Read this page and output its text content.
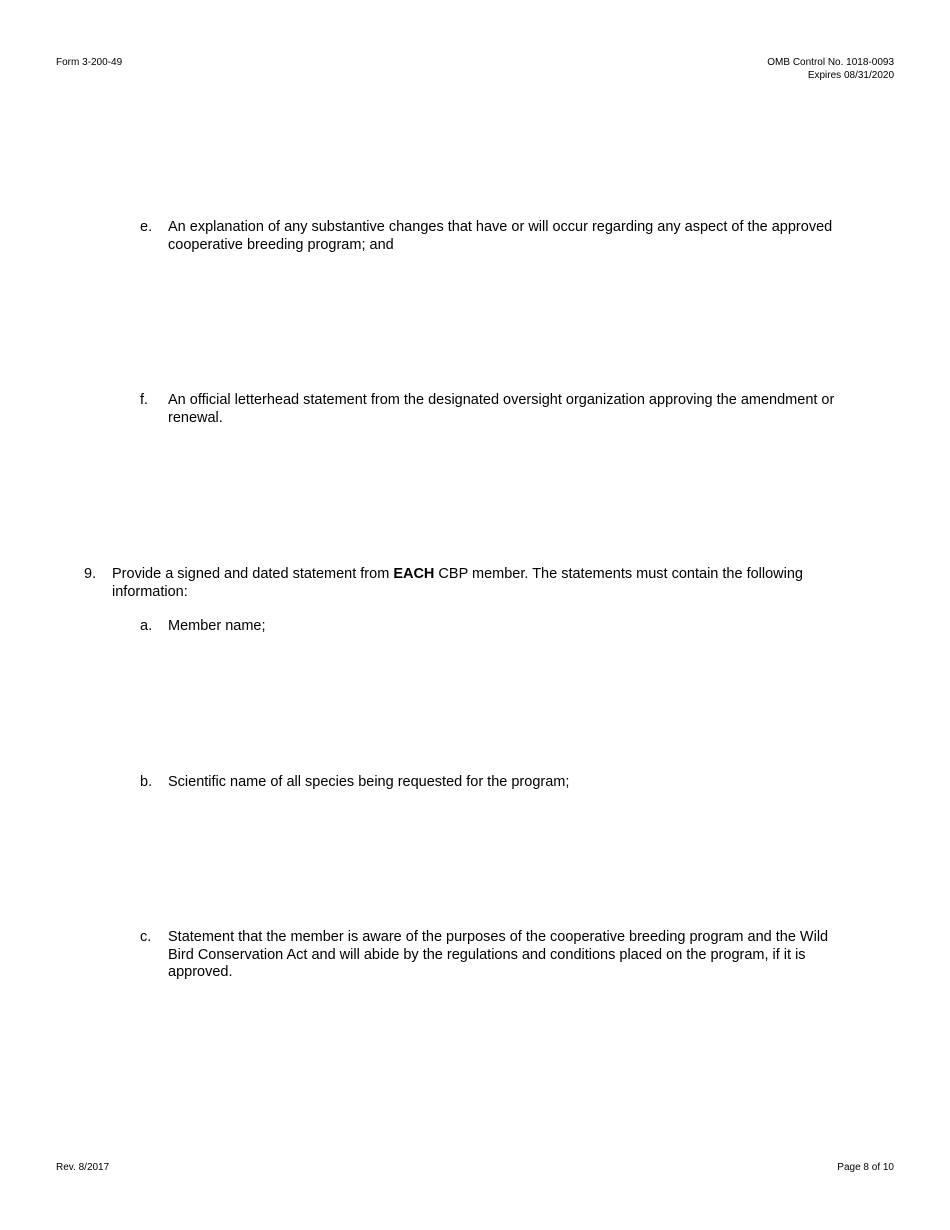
Form 3-200-49	OMB Control No. 1018-0093
Expires 08/31/2020
e. An explanation of any substantive changes that have or will occur regarding any aspect of the approved cooperative breeding program; and
f. An official letterhead statement from the designated oversight organization approving the amendment or renewal.
9. Provide a signed and dated statement from EACH CBP member. The statements must contain the following information:
a. Member name;
b. Scientific name of all species being requested for the program;
c. Statement that the member is aware of the purposes of the cooperative breeding program and the Wild Bird Conservation Act and will abide by the regulations and conditions placed on the program, if it is approved.
Rev. 8/2017	Page 8 of 10
